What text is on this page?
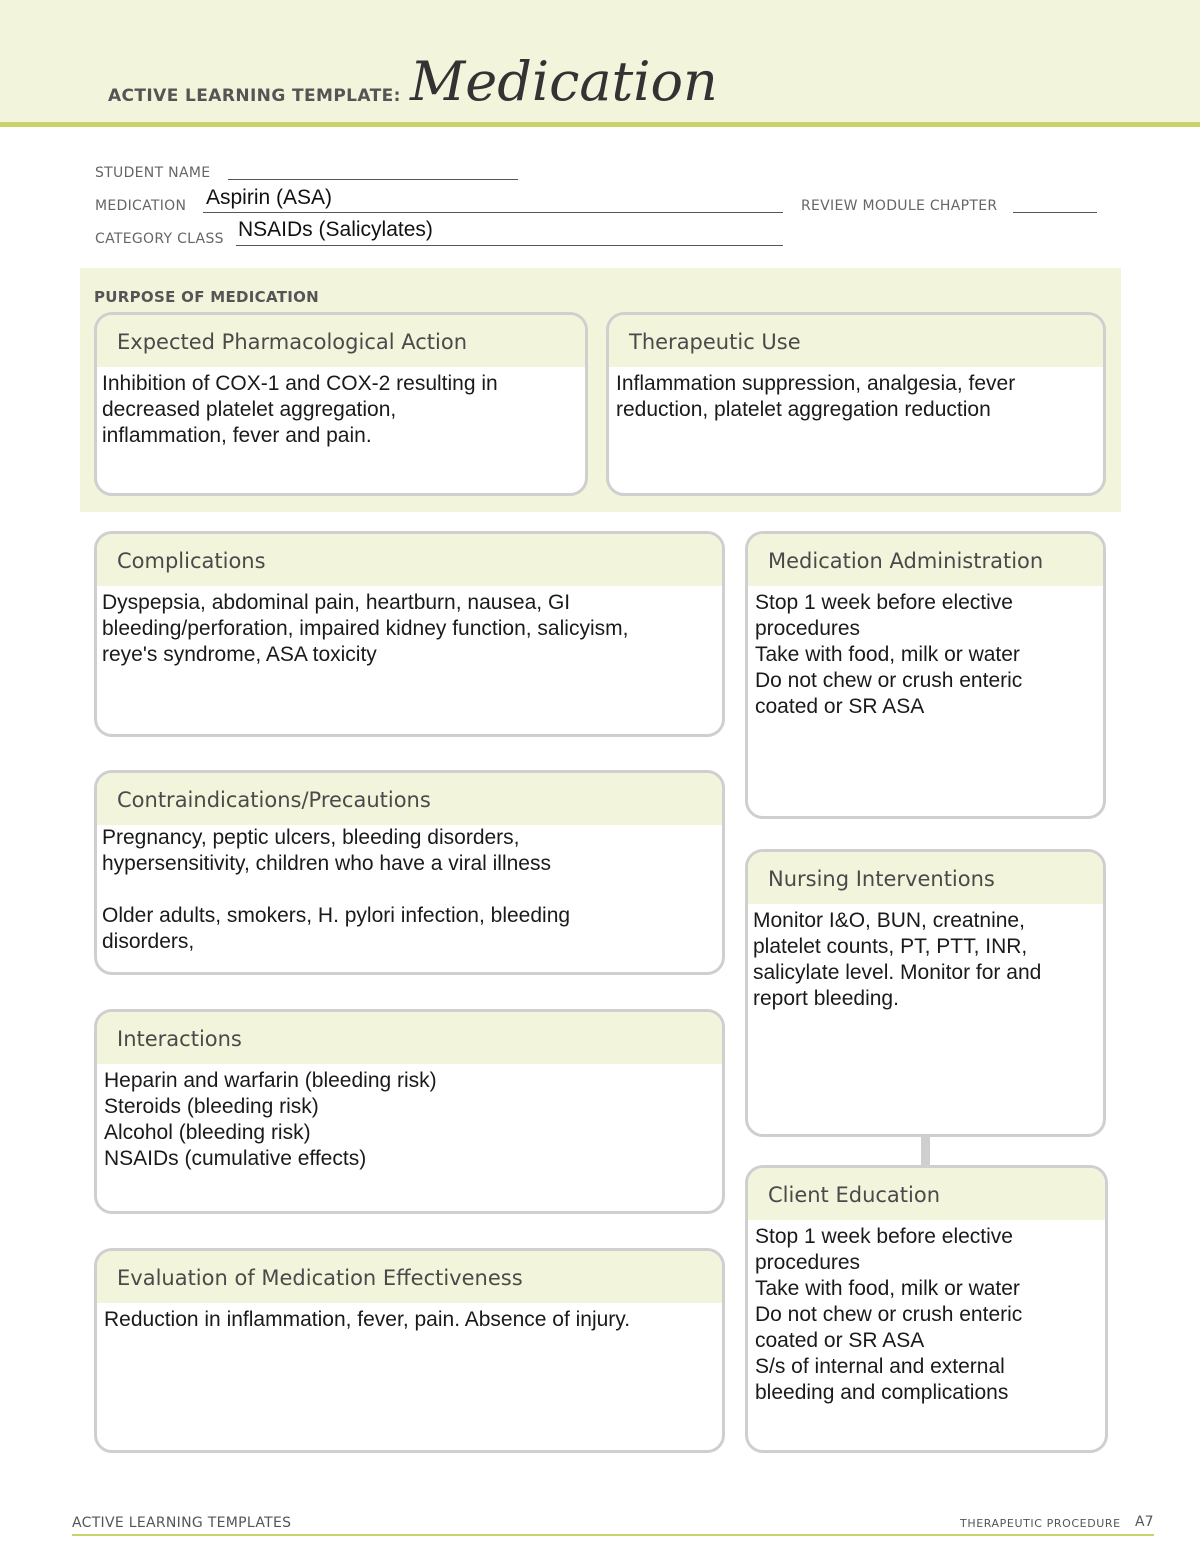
ACTIVE LEARNING TEMPLATE: Medication
STUDENT NAME
MEDICATION Aspirin (ASA)	REVIEW MODULE CHAPTER
CATEGORY CLASS NSAIDs (Salicylates)
PURPOSE OF MEDICATION
Expected Pharmacological Action
Inhibition of COX-1 and COX-2 resulting in
decreased platelet aggregation,
inflammation, fever and pain.
Therapeutic Use
Inflammation suppression, analgesia, fever
reduction, platelet aggregation reduction
Complications
Dyspepsia, abdominal pain, heartburn, nausea, GI
bleeding/perforation, impaired kidney function, salicyism,
reye's syndrome, ASA toxicity
Contraindications/Precautions
Pregnancy, peptic ulcers, bleeding disorders,
hypersensitivity, children who have a viral illness
Older adults, smokers, H. pylori infection, bleeding
disorders,
Interactions
Heparin and warfarin (bleeding risk)
Steroids (bleeding risk)
Alcohol (bleeding risk)
NSAIDs (cumulative effects)
Evaluation of Medication Effectiveness
Reduction in inflammation, fever, pain. Absence of injury.
Medication Administration
Stop 1 week before elective
procedures
Take with food, milk or water
Do not chew or crush enteric
coated or SR ASA
Nursing Interventions
Monitor I&O, BUN, creatnine,
platelet counts, PT, PTT, INR,
salicylate level. Monitor for and
report bleeding.
Client Education
Stop 1 week before elective
procedures
Take with food, milk or water
Do not chew or crush enteric
coated or SR ASA
S/s of internal and external
bleeding and complications
ACTIVE LEARNING TEMPLATES	THERAPEUTIC PROCEDURE A7
